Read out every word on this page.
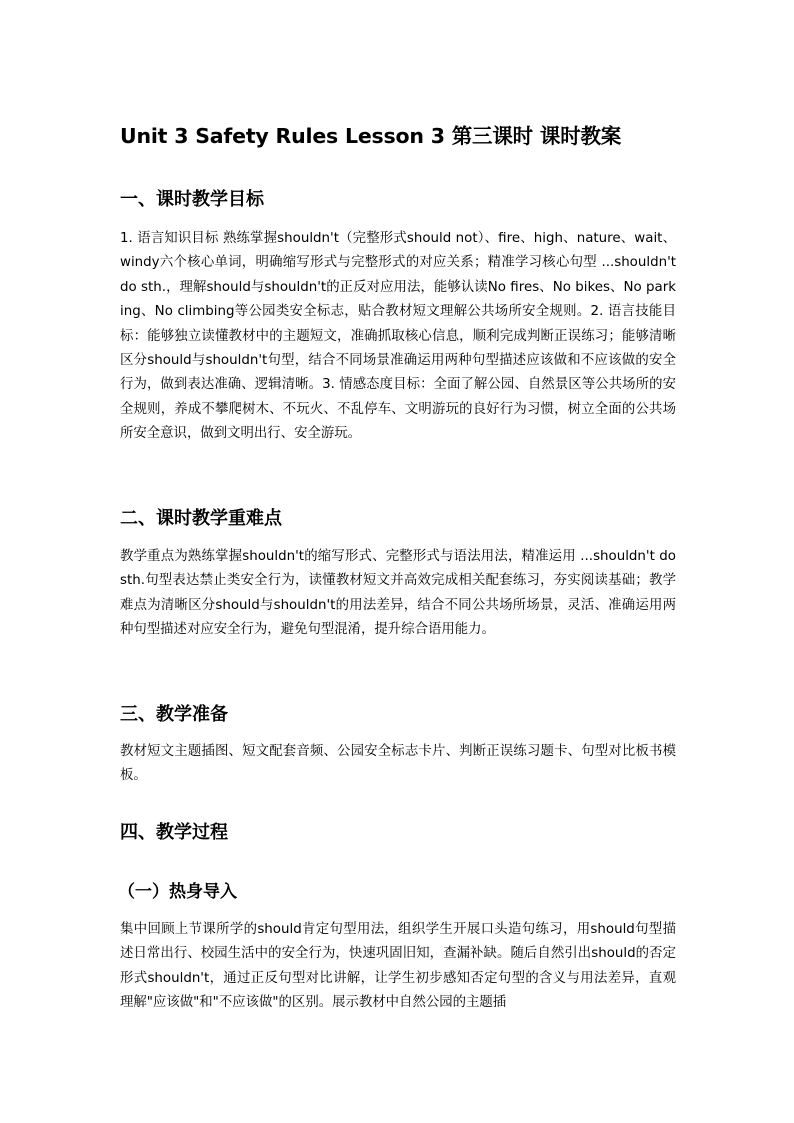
Unit 3 Safety Rules Lesson 3 第三课时 课时教案
一、课时教学目标

1. 语言知识目标 熟练掌握shouldn't（完整形式should not）、fire、high、nature、wait、windy六个核心单词，明确缩写形式与完整形式的对应关系；精准学习核心句型 ...shouldn't do sth.，理解should与shouldn't的正反对应用法，能够认读No fires、No bikes、No parking、No climbing等公园类安全标志，贴合教材短文理解公共场所安全规则。2. 语言技能目标：能够独立读懂教材中的主题短文，准确抓取核心信息，顺利完成判断正误练习；能够清晰区分should与shouldn't句型，结合不同场景准确运用两种句型描述应该做和不应该做的安全行为，做到表达准确、逻辑清晰。3. 情感态度目标：全面了解公园、自然景区等公共场所的安全规则，养成不攀爬树木、不玩火、不乱停车、文明游玩的良好行为习惯，树立全面的公共场所安全意识，做到文明出行、安全游玩。

二、课时教学重难点

教学重点为熟练掌握shouldn't的缩写形式、完整形式与语法用法，精准运用 ...shouldn't do sth.句型表达禁止类安全行为，读懂教材短文并高效完成相关配套练习，夯实阅读基础；教学难点为清晰区分should与shouldn't的用法差异，结合不同公共场所场景，灵活、准确运用两种句型描述对应安全行为，避免句型混淆，提升综合语用能力。

三、教学准备

教材短文主题插图、短文配套音频、公园安全标志卡片、判断正误练习题卡、句型对比板书模板。

四、教学过程
（一）热身导入

集中回顾上节课所学的should肯定句型用法，组织学生开展口头造句练习，用should句型描述日常出行、校园生活中的安全行为，快速巩固旧知，查漏补缺。随后自然引出should的否定形式shouldn't，通过正反句型对比讲解，让学生初步感知否定句型的含义与用法差异，直观理解"应该做"和"不应该做"的区别。展示教材中自然公园的主题插
